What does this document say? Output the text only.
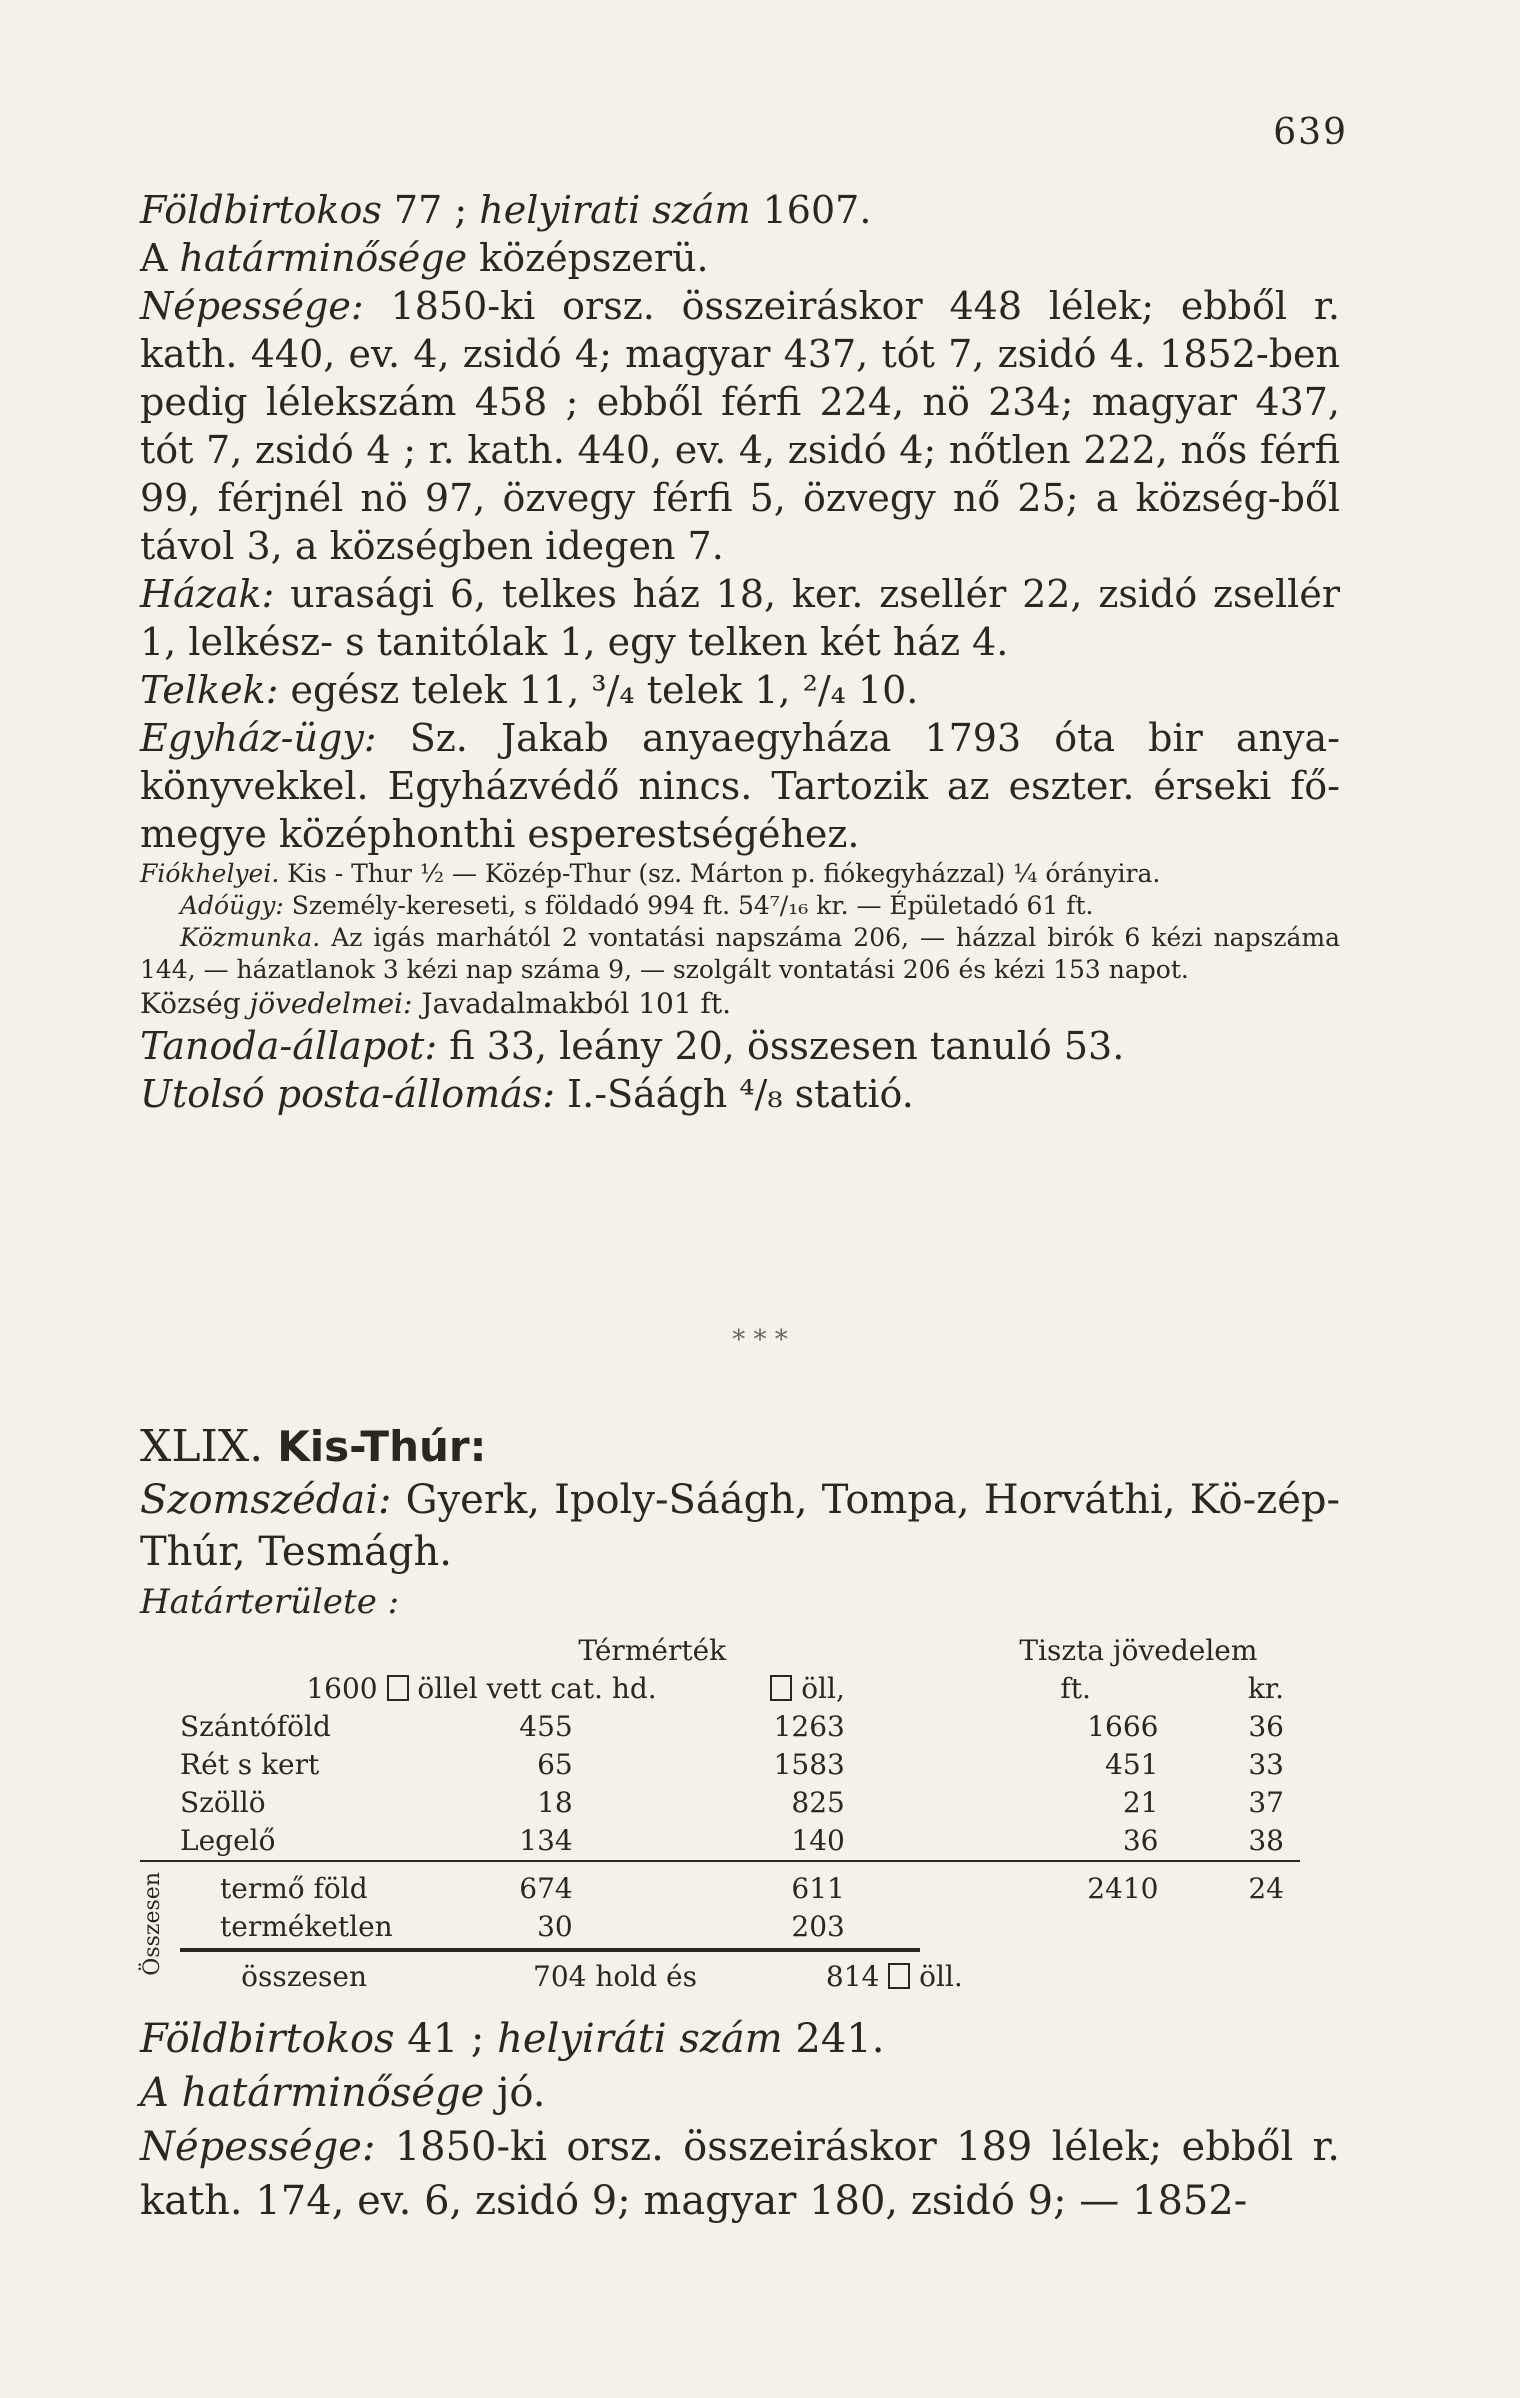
639

Földbirtokos 77 ; helyirati szám 1607.

A határminősége középszerü.

Népessége: 1850-ki orsz. összeiráskor 448 lélek; ebből r. kath. 440, ev. 4, zsidó 4; magyar 437, tót 7, zsidó 4. 1852-ben pedig lélekszám 458 ; ebből férfi 224, nö 234; magyar 437, tót 7, zsidó 4 ; r. kath. 440, ev. 4, zsidó 4; nőtlen 222, nős férfi 99, férjnél nö 97, özvegy férfi 5, özvegy nő 25; a község-ből távol 3, a községben idegen 7.

Házak: urasági 6, telkes ház 18, ker. zsellér 22, zsidó zsellér 1, lelkész- s tanitólak 1, egy telken két ház 4.

Telkek: egész telek 11, ³/₄ telek 1, ²/₄ 10.

Egyház-ügy: Sz. Jakab anyaegyháza 1793 óta bir anya-könyvekkel. Egyházvédő nincs. Tartozik az eszter. érseki fő-megye középhonthi esperestségéhez.

Fiókhelyei. Kis - Thur ½ — Közép-Thur (sz. Márton p. fiókegyházzal) ¼ órányira.

Adóügy: Személy-kereseti, s földadó 994 ft. 54⁷/₁₆ kr. — Épületadó 61 ft.

Közmunka. Az igás marhától 2 vontatási napszáma 206, — házzal birók 6 kézi napszáma 144, — házatlanok 3 kézi nap száma 9, — szolgált vontatási 206 és kézi 153 napot.

Község jövedelmei: Javadalmakból 101 ft.

Tanoda-állapot: fi 33, leány 20, összesen tanuló 53.

Utolsó posta-állomás: I.-Sáágh ⁴/₈ statió.

* * *

XLIX. Kis-Thúr:

Szomszédai: Gyerk, Ipoly-Sáágh, Tompa, Horváthi, Kö-zép-Thúr, Tesmágh.

Határterülete :

	Térmérték			Tiszta jövedelem	
1600 öllel vett cat. hd.		öll,		ft.	kr.
Szántóföld	455	1263		1666	36
Rét s kert	65	1583		451	33
Szöllö	18	825		21	37
Legelő	134	140		36	38
Összesen	termő föld	674	611		2410	24
terméketlen	30	203			
összesen	704 hold és	814 öll.			

Földbirtokos 41 ; helyiráti szám 241.

A határminősége jó.

Népessége: 1850-ki orsz. összeiráskor 189 lélek; ebből r. kath. 174, ev. 6, zsidó 9; magyar 180, zsidó 9; — 1852-
